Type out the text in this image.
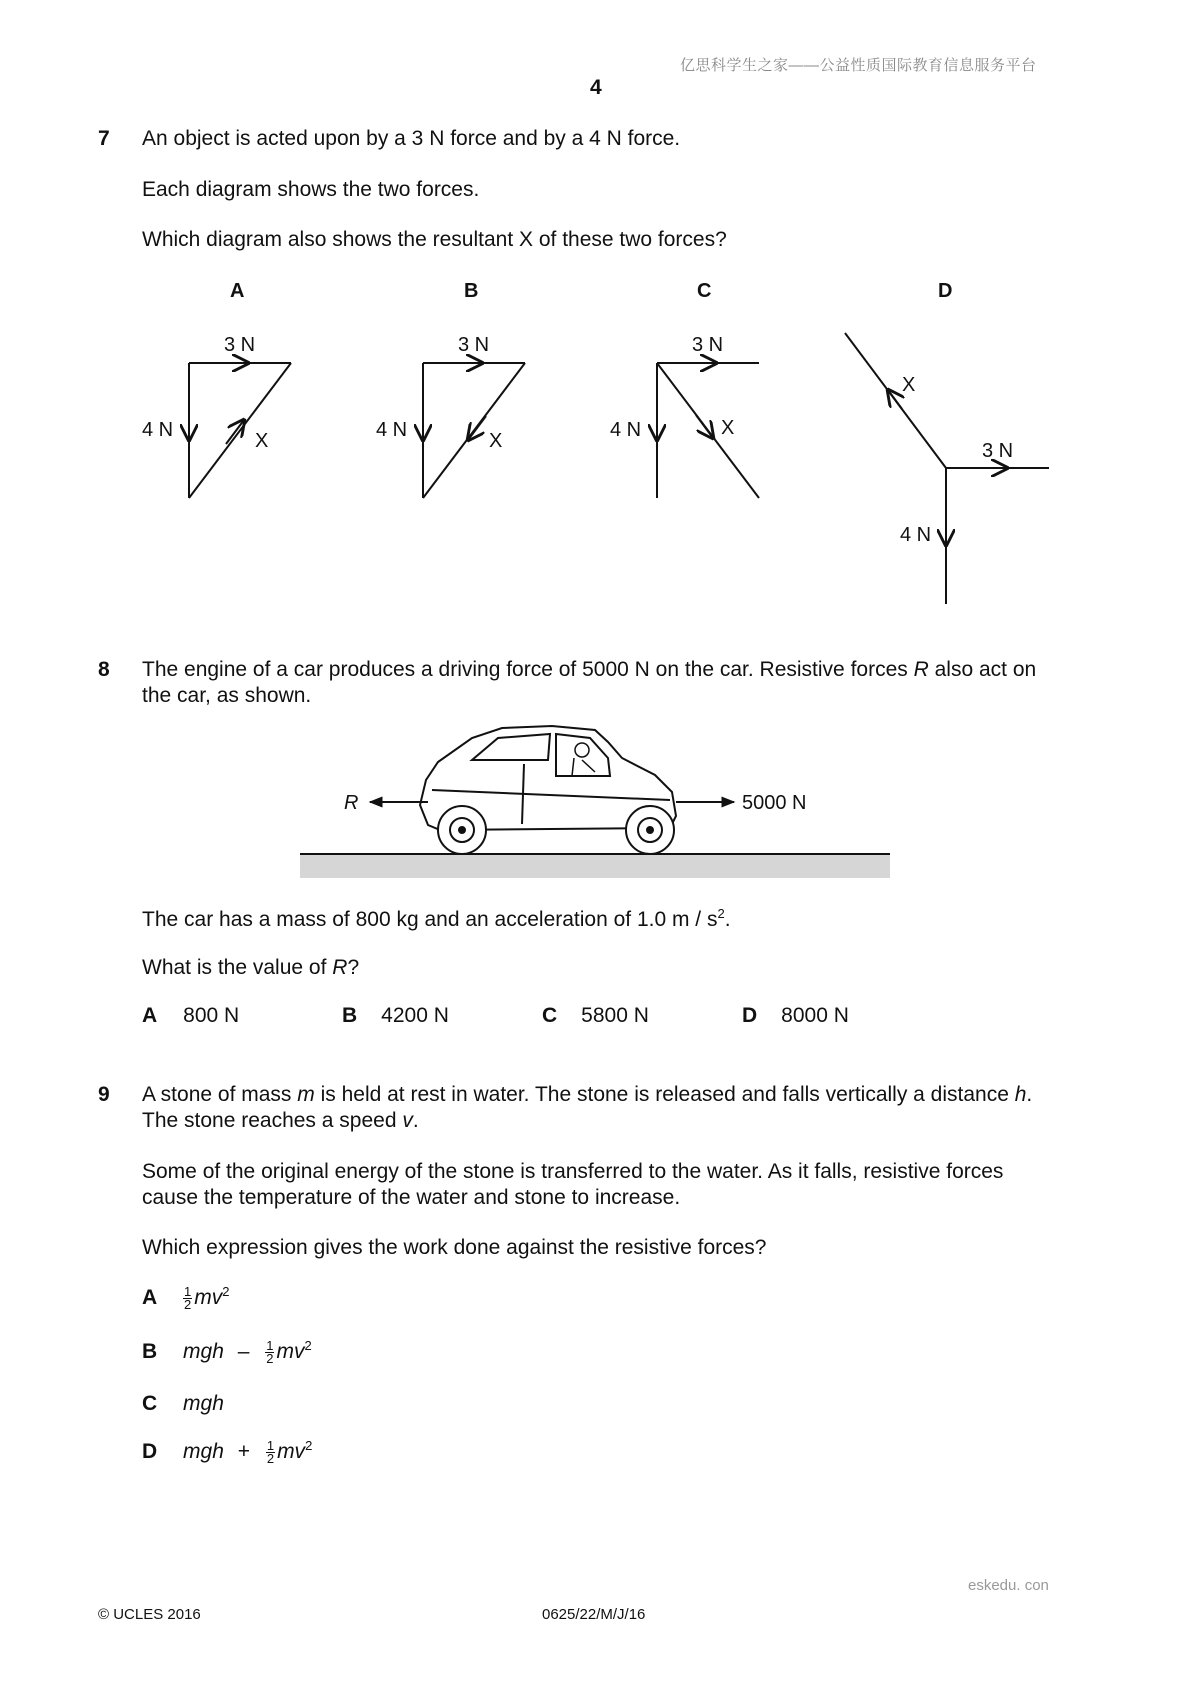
亿思科学生之家——公益性质国际教育信息服务平台
4
7 An object is acted upon by a 3 N force and by a 4 N force.
Each diagram shows the two forces.
Which diagram also shows the resultant X of these two forces?
A	B	C	D
3 N
4 N	X
3 N
4 N	X
3 N
4 N	X
X
3 N
4 N
8 The engine of a car produces a driving force of 5000 N on the car. Resistive forces R also act on
the car, as shown.
R	5000 N
The car has a mass of 800 kg and an acceleration of 1.0 m / $s^2$.
What is the value of R?
A 800 N	B 4200 N	C 5800 N	D 8000 N
9 A stone of mass m is held at rest in water. The stone is released and falls vertically a distance h.
The stone reaches a speed v.
Some of the original energy of the stone is transferred to the water. As it falls, resistive forces
cause the temperature of the water and stone to increase.
Which expression gives the work done against the resistive forces?
A $\frac{1}{2} mv^2$
B mgh – $\frac{1}{2} mv^2$
C mgh
D mgh + $\frac{1}{2} mv^2$
eskedu. con
© UCLES 2016	0625/22/M/J/16
